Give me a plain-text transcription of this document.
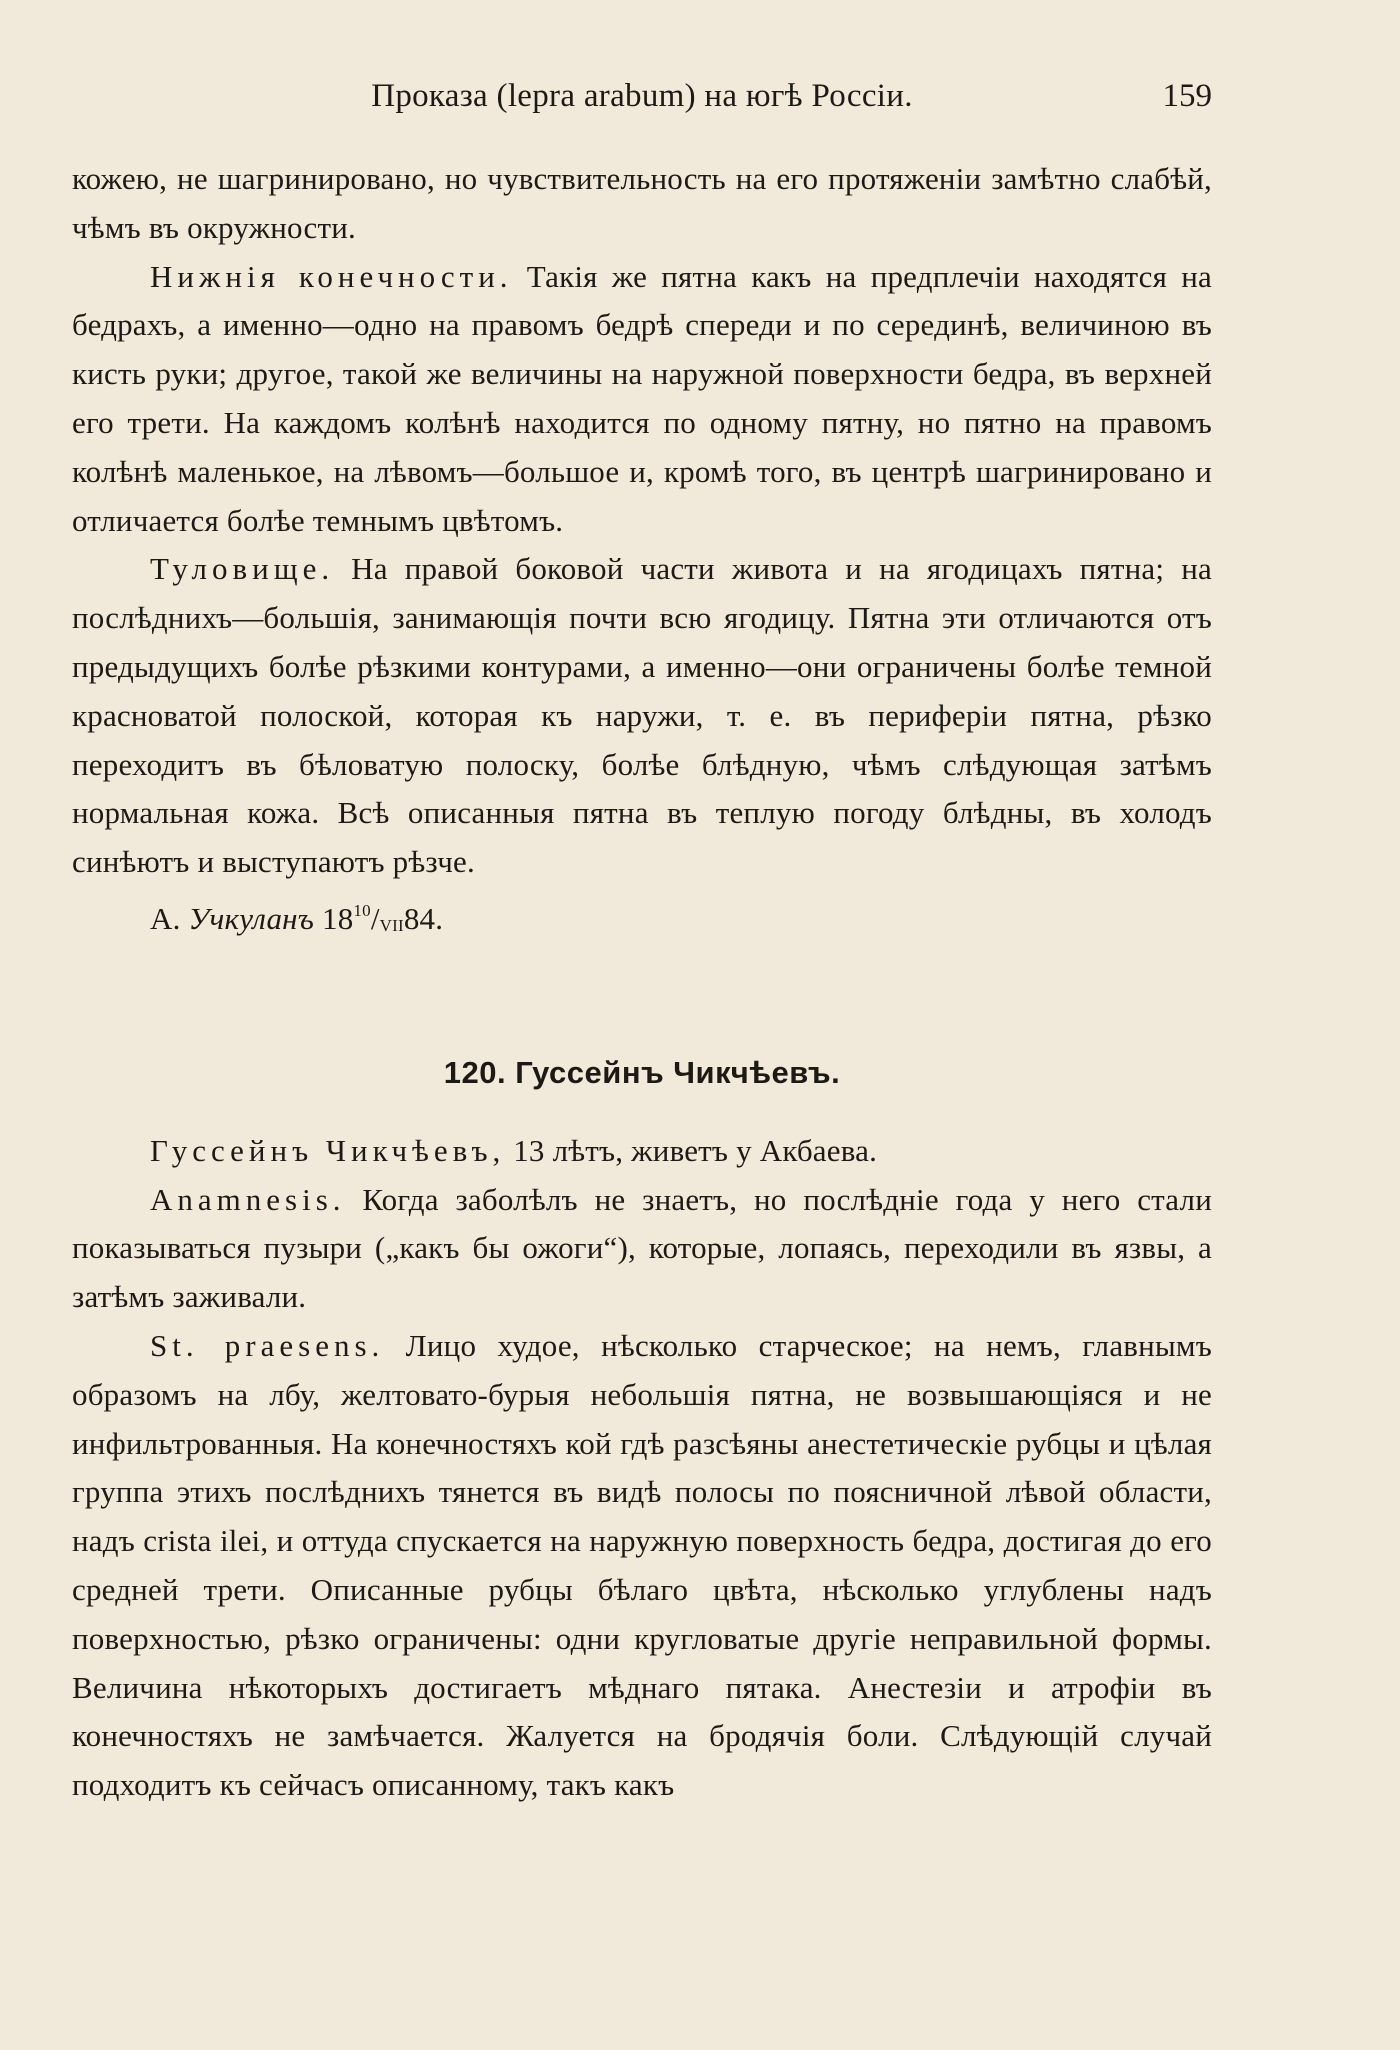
Проказа (lepra arabum) на югѣ Россіи.	159

кожею, не шагринировано, но чувствительность на его протяженіи замѣтно слабѣй, чѣмъ въ окружности.

Нижнія конечности. Такія же пятна какъ на предплечіи находятся на бедрахъ, а именно—одно на правомъ бедрѣ спереди и по серединѣ, величиною въ кисть руки; другое, такой же величины на наружной поверхности бедра, въ верхней его трети. На каждомъ колѣнѣ находится по одному пятну, но пятно на правомъ колѣнѣ маленькое, на лѣвомъ—большое и, кромѣ того, въ центрѣ шагринировано и отличается болѣе темнымъ цвѣтомъ.

Туловище. На правой боковой части живота и на ягодицахъ пятна; на послѣднихъ—большія, занимающія почти всю ягодицу. Пятна эти отличаются отъ предыдущихъ болѣе рѣзкими контурами, а именно—они ограничены болѣе темной красноватой полоской, которая къ наружи, т. е. въ периферіи пятна, рѣзко переходитъ въ бѣловатую полоску, болѣе блѣдную, чѣмъ слѣдующая затѣмъ нормальная кожа. Всѣ описанныя пятна въ теплую погоду блѣдны, въ холодъ синѣютъ и выступаютъ рѣзче.

А. Учкуланъ $18^{10}/VII84$.

120. Гуссейнъ Чикчѣевъ.

Гуссейнъ Чикчѣевъ, 13 лѣтъ, живетъ у Акбаева.

Anamnesis. Когда заболѣлъ не знаетъ, но послѣдніе года у него стали показываться пузыри („какъ бы ожоги“), которые, лопаясь, переходили въ язвы, а затѣмъ заживали.

St. praesens. Лицо худое, нѣсколько старческое; на немъ, главнымъ образомъ на лбу, желтовато-бурыя небольшія пятна, не возвышающіяся и не инфильтрованныя. На конечностяхъ кой гдѣ разсѣяны анестетическіе рубцы и цѣлая группа этихъ послѣднихъ тянется въ видѣ полосы по поясничной лѣвой области, надъ crista ilei, и оттуда спускается на наружную поверхность бедра, достигая до его средней трети. Описанные рубцы бѣлаго цвѣта, нѣсколько углублены надъ поверхностью, рѣзко ограничены: одни кругловатые другіе неправильной формы. Величина нѣкоторыхъ достигаетъ мѣднаго пятака. Анестезіи и атрофіи въ конечностяхъ не замѣчается. Жалуется на бродячія боли. Слѣдующій случай подходитъ къ сейчасъ описанному, такъ какъ
